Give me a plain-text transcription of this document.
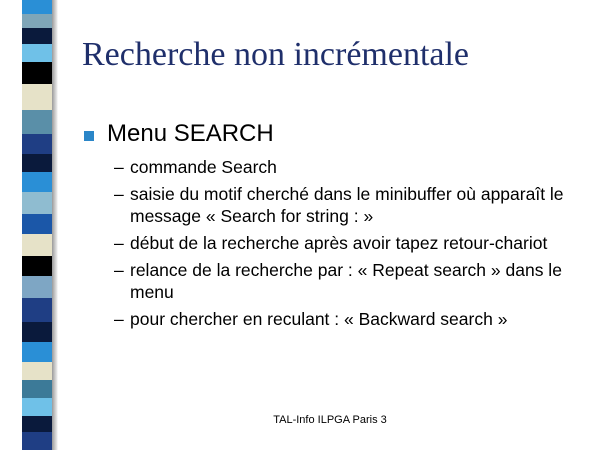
Recherche non incrémentale
Menu SEARCH
– commande Search
– saisie du motif cherché dans le minibuffer où apparaît le message « Search for string : »
– début de la recherche après avoir tapez retour-chariot
– relance de la recherche par : « Repeat search » dans le menu
– pour chercher en reculant : « Backward search »
TAL-Info ILPGA Paris 3
